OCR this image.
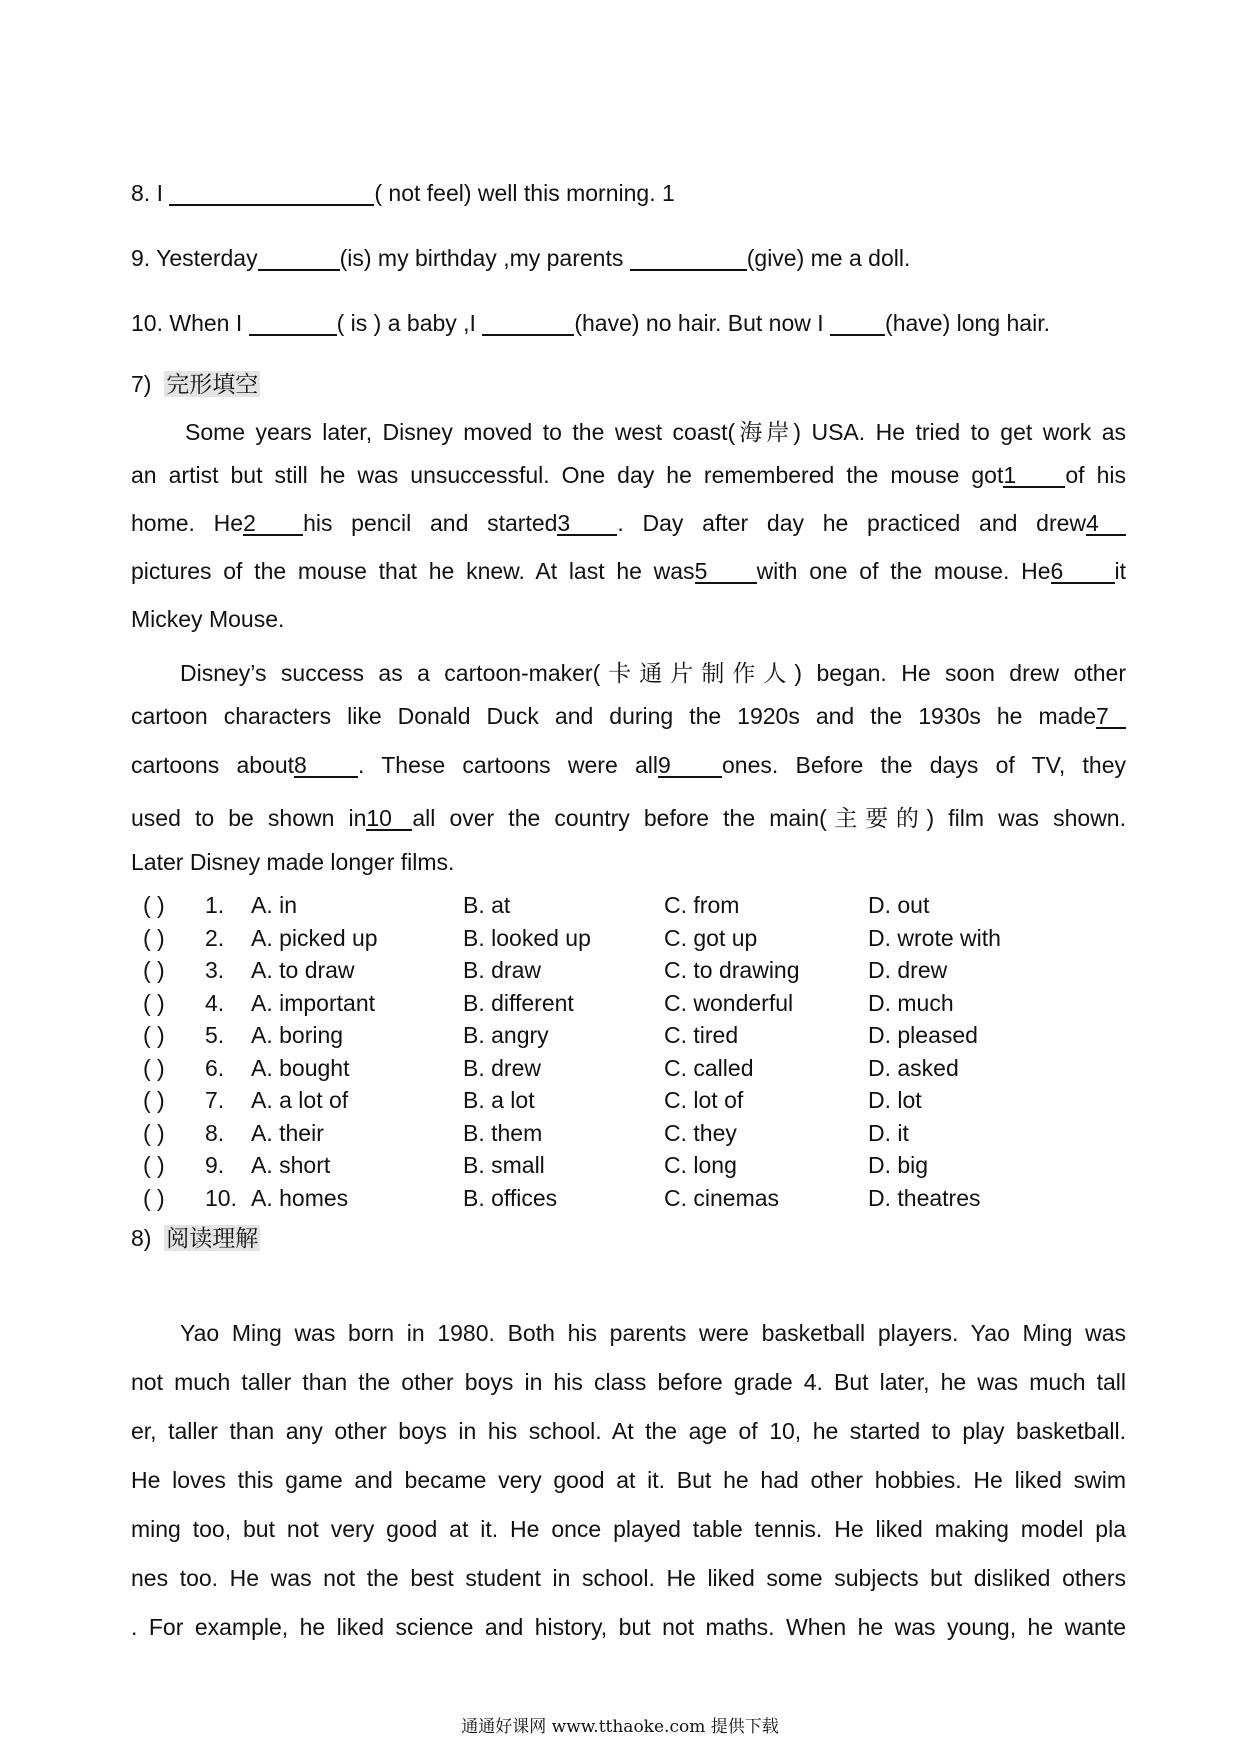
8. I	( not feel) well this morning. 1
9. Yesterday	(is) my birthday ,my parents	(give) me a doll.
10. When I	( is ) a baby ,I	(have) no hair. But now I  (have) long hair.
7) 完形填空
Some years later, Disney moved to the west coast(海岸) USA. He tried to get work as
an artist but still he was unsuccessful. One day he remembered the mouse got1 of his
home. He2 his pencil and started3 . Day after day he practiced and drew4
pictures of the mouse that he knew. At last he was5 with one of the mouse. He6 it
Mickey Mouse.
Disney’s success as a cartoon-maker(卡通片制作人) began. He soon drew other
cartoon characters like Donald Duck and during the 1920s and the 1930s he made7
cartoons about8 . These cartoons were all9 ones. Before the days of TV, they
used to be shown in10 all over the country before the main(主要的) film was shown.
Later Disney made longer films.
( ) 1. A. in	B. at	C. from	D. out
( ) 2. A. picked up	B. looked up	C. got up	D. wrote with
( ) 3. A. to draw	B. draw	C. to drawing	D. drew
( ) 4. A. important	B. different	C. wonderful	D. much
( ) 5. A. boring	B. angry	C. tired	D. pleased
( ) 6. A. bought	B. drew	C. called	D. asked
( ) 7. A. a lot of	B. a lot	C. lot of	D. lot
( ) 8. A. their	B. them	C. they	D. it
( ) 9. A. short	B. small	C. long	D. big
( ) 10. A. homes	B. offices	C. cinemas	D. theatres
8) 阅读理解
Yao Ming was born in 1980. Both his parents were basketball players. Yao Ming was
not much taller than the other boys in his class before grade 4. But later, he was much tall
er, taller than any other boys in his school. At the age of 10, he started to play basketball.
He loves this game and became very good at it. But he had other hobbies. He liked swim
ming too, but not very good at it. He once played table tennis. He liked making model pla
nes too. He was not the best student in school. He liked some subjects but disliked others
. For example, he liked science and history, but not maths. When he was young, he wante
通通好课网 www.tthaoke.com 提供下载
